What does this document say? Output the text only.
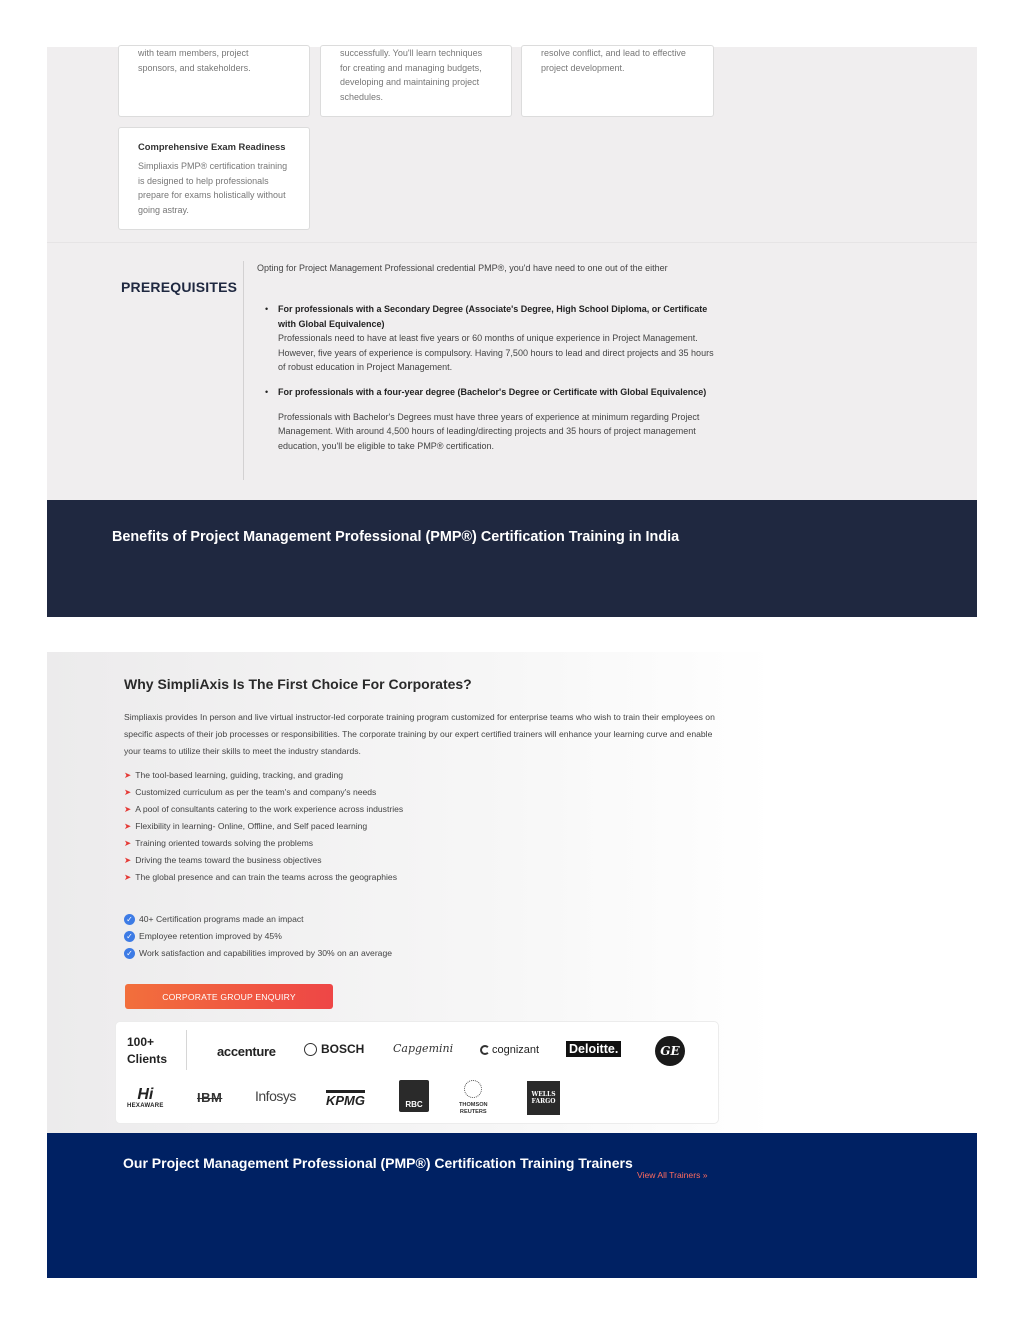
with team members, project sponsors, and stakeholders.

successfully. You'll learn techniques for creating and managing budgets, developing and maintaining project schedules.

resolve conflict, and lead to effective project development.

Comprehensive Exam Readiness

Simpliaxis PMP® certification training is designed to help professionals prepare for exams holistically without going astray.

PREREQUISITES

Opting for Project Management Professional credential PMP®, you'd have need to one out of the either

• For professionals with a Secondary Degree (Associate's Degree, High School Diploma, or Certificate with Global Equivalence)
Professionals need to have at least five years or 60 months of unique experience in Project Management. However, five years of experience is compulsory. Having 7,500 hours to lead and direct projects and 35 hours of robust education in Project Management.
• For professionals with a four-year degree (Bachelor's Degree or Certificate with Global Equivalence)
Professionals with Bachelor's Degrees must have three years of experience at minimum regarding Project Management. With around 4,500 hours of leading/directing projects and 35 hours of project management education, you'll be eligible to take PMP® certification.
Benefits of Project Management Professional (PMP®) Certification Training in India
Why SimpliAxis Is The First Choice For Corporates?

Simpliaxis provides In person and live virtual instructor-led corporate training program customized for enterprise teams who wish to train their employees on specific aspects of their job processes or responsibilities. The corporate training by our expert certified trainers will enhance your learning curve and enable your teams to utilize their skills to meet the industry standards.

➤ The tool-based learning, guiding, tracking, and grading
➤ Customized curriculum as per the team's and company's needs
➤ A pool of consultants catering to the work experience across industries
➤ Flexibility in learning- Online, Offline, and Self paced learning
➤ Training oriented towards solving the problems
➤ Driving the teams toward the business objectives
➤ The global presence and can train the teams across the geographies
✓ 40+ Certification programs made an impact
✓ Employee retention improved by 45%
✓ Work satisfaction and capabilities improved by 30% on an average
CORPORATE GROUP ENQUIRY
100+
Clients	accenture	BOSCH	Capgemini	cognizant Deloitte.	GE
Hi
HEXAWARE
IBM Infosys KPMG	RBC	THOMSON
REUTERS
WELLS
FARGO
Our Project Management Professional (PMP®) Certification Training Trainers
View All Trainers »
